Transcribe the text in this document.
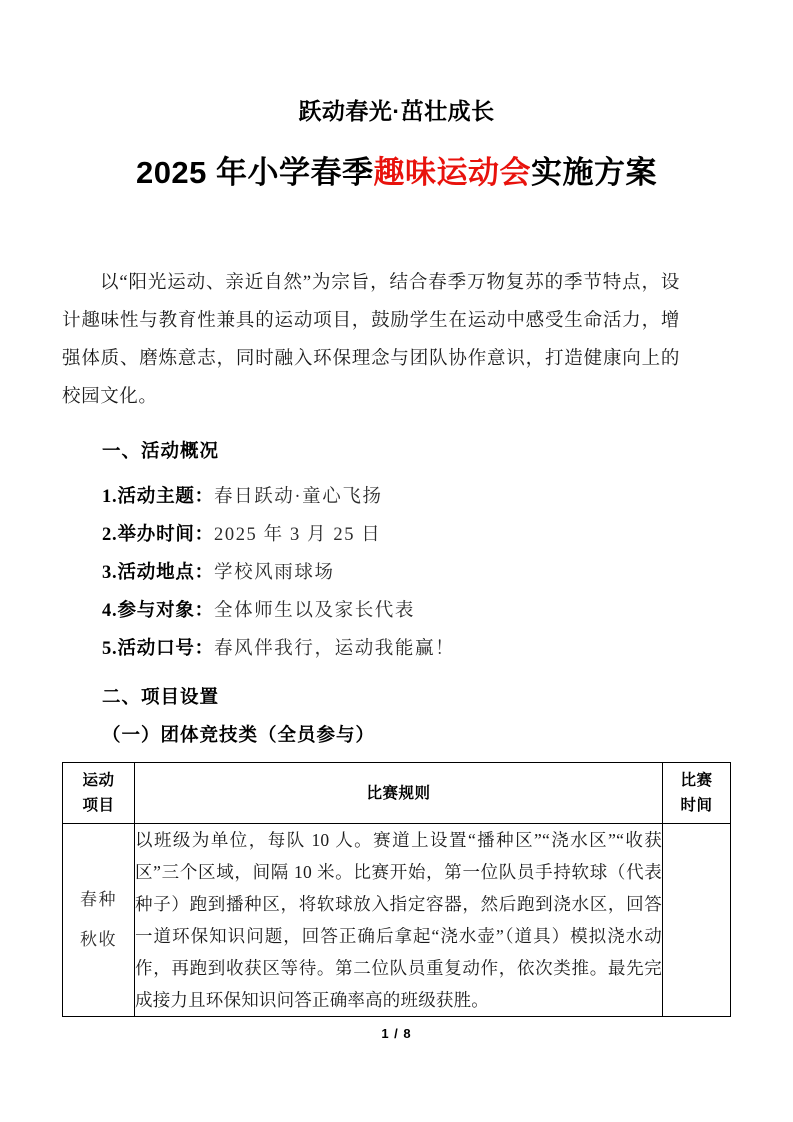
跃动春光·茁壮成长
2025 年小学春季趣味运动会实施方案
以“阳光运动、亲近自然”为宗旨，结合春季万物复苏的季节特点，设计趣味性与教育性兼具的运动项目，鼓励学生在运动中感受生命活力，增强体质、磨炼意志，同时融入环保理念与团队协作意识，打造健康向上的校园文化。
一、活动概况
1.活动主题：春日跃动·童心飞扬
2.举办时间：2025 年 3 月 25 日
3.活动地点：学校风雨球场
4.参与对象：全体师生以及家长代表
5.活动口号：春风伴我行，运动我能赢！
二、项目设置
（一）团体竞技类（全员参与）
运动
项目	比赛规则	比赛
时间

春种
秋收	以班级为单位，每队 10 人。赛道上设置“播种区”“浇水区”“收获区”三个区域，间隔 10 米。比赛开始，第一位队员手持软球（代表种子）跑到播种区，将软球放入指定容器，然后跑到浇水区，回答一道环保知识问题，回答正确后拿起“浇水壶”（道具）模拟浇水动作，再跑到收获区等待。第二位队员重复动作，依次类推。最先完成接力且环保知识问答正确率高的班级获胜。	
1 / 8
